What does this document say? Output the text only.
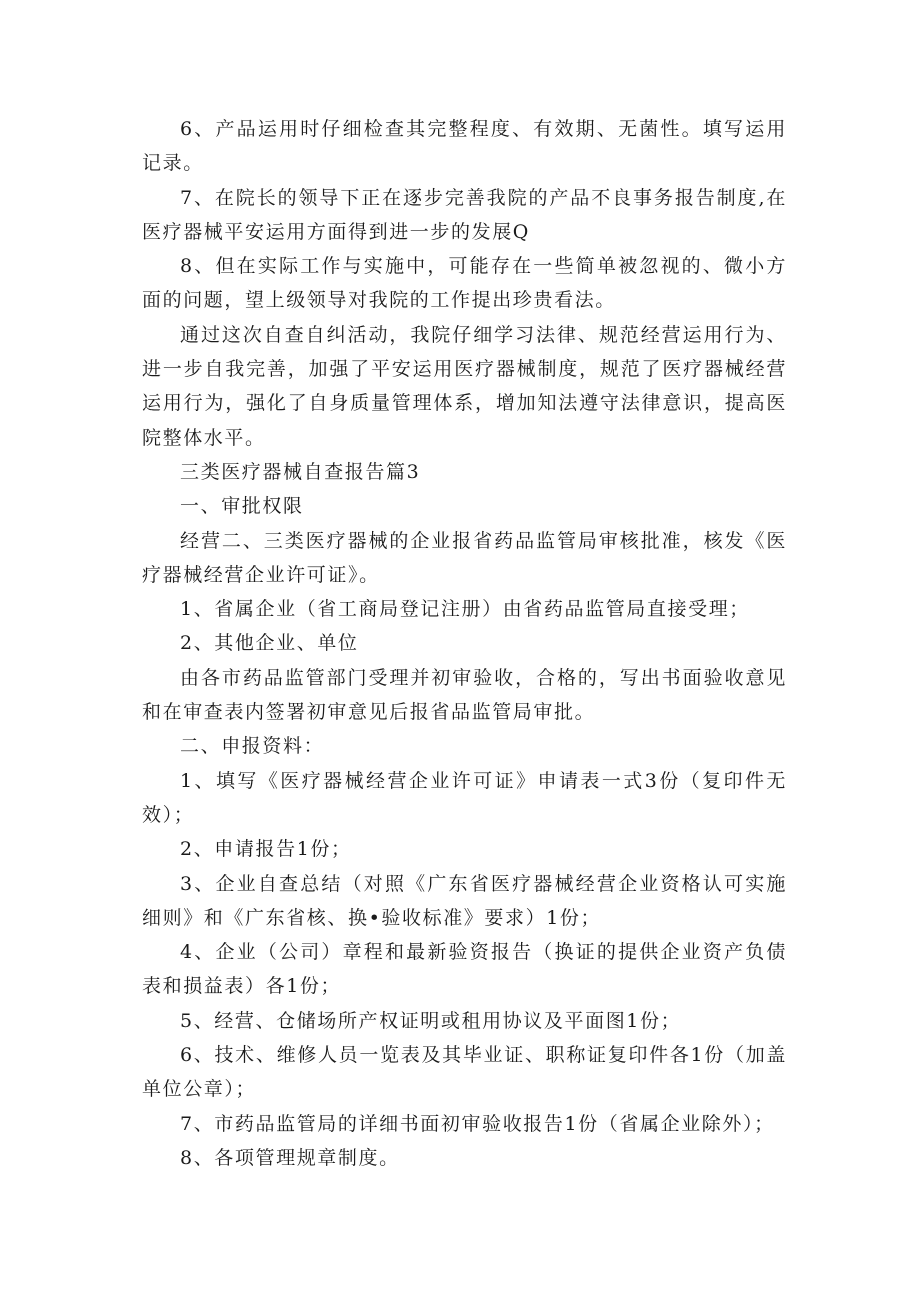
6、产品运用时仔细检查其完整程度、有效期、无菌性。填写运用记录。

7、在院长的领导下正在逐步完善我院的产品不良事务报告制度,在医疗器械平安运用方面得到进一步的发展Q

8、但在实际工作与实施中，可能存在一些简单被忽视的、微小方面的问题，望上级领导对我院的工作提出珍贵看法。

通过这次自查自纠活动，我院仔细学习法律、规范经营运用行为、进一步自我完善，加强了平安运用医疗器械制度，规范了医疗器械经营运用行为，强化了自身质量管理体系，增加知法遵守法律意识，提高医院整体水平。

三类医疗器械自查报告篇3

一、审批权限

经营二、三类医疗器械的企业报省药品监管局审核批准，核发《医疗器械经营企业许可证》。

1、省属企业（省工商局登记注册）由省药品监管局直接受理；

2、其他企业、单位

由各市药品监管部门受理并初审验收，合格的，写出书面验收意见和在审查表内签署初审意见后报省品监管局审批。

二、申报资料：

1、填写《医疗器械经营企业许可证》申请表一式3份（复印件无效）；

2、申请报告1份；

3、企业自查总结（对照《广东省医疗器械经营企业资格认可实施细则》和《广东省核、换•验收标准》要求）1份；

4、企业（公司）章程和最新验资报告（换证的提供企业资产负债表和损益表）各1份；

5、经营、仓储场所产权证明或租用协议及平面图1份；

6、技术、维修人员一览表及其毕业证、职称证复印件各1份（加盖单位公章）；

7、市药品监管局的详细书面初审验收报告1份（省属企业除外）；

8、各项管理规章制度。
